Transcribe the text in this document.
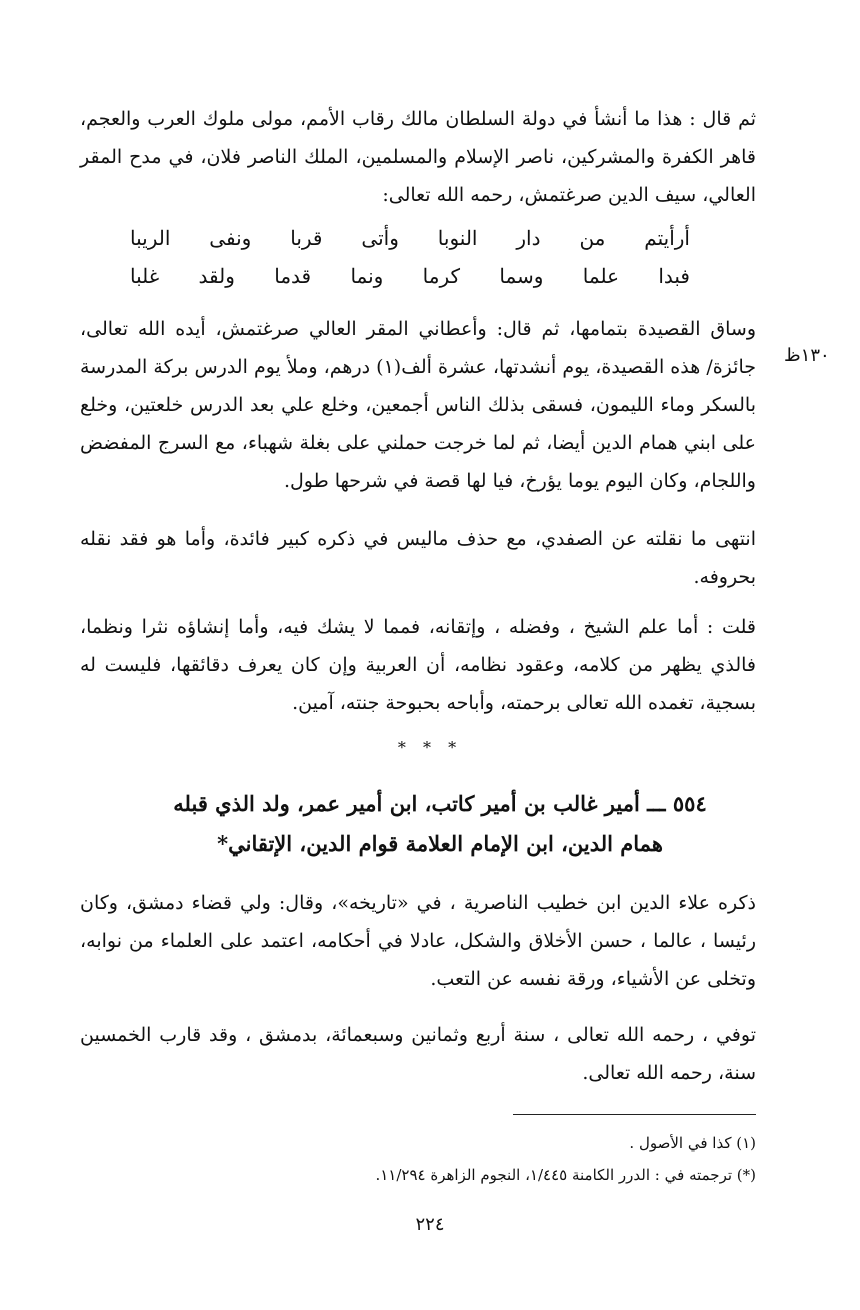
ثم قال : هذا ما أنشأ في دولة السلطان مالك رقاب الأمم، مولى ملوك العرب والعجم، قاهر الكفرة والمشركين، ناصر الإسلام والمسلمين، الملك الناصر فلان، في مدح المقر العالي، سيف الدين صرغتمش، رحمه الله تعالى:
أرأيتم من دار النوبا وأتى قربا ونفى الريبا
فبدا علما وسما كرما ونما قدما ولقد غلبا
وساق القصيدة بتمامها، ثم قال: وأعطاني المقر العالي صرغتمش، أيده الله تعالى، جائزة/ هذه القصيدة، يوم أنشدتها، عشرة ألف(١) درهم، وملأ يوم الدرس بركة المدرسة بالسكر وماء الليمون، فسقى بذلك الناس أجمعين، وخلع علي بعد الدرس خلعتين، وخلع على ابني همام الدين أيضا، ثم لما خرجت حملني على بغلة شهباء، مع السرج المفضض واللجام، وكان اليوم يوما يؤرخ، فيا لها قصة في شرحها طول.
١٣٠ظ
انتهى ما نقلته عن الصفدي، مع حذف ماليس في ذكره كبير فائدة، وأما هو فقد نقله بحروفه.
قلت : أما علم الشيخ ، وفضله ، وإتقانه، فمما لا يشك فيه، وأما إنشاؤه نثرا ونظما، فالذي يظهر من كلامه، وعقود نظامه، أن العربية وإن كان يعرف دقائقها، فليست له بسجية، تغمده الله تعالى برحمته، وأباحه بحبوحة جنته، آمين.
* * *
٥٥٤ ـــ أمير غالب بن أمير كاتب، ابن أمير عمر، ولد الذي قبله
همام الدين، ابن الإمام العلامة قوام الدين، الإتقاني*
ذكره علاء الدين ابن خطيب الناصرية ، في «تاريخه»، وقال: ولي قضاء دمشق، وكان رئيسا ، عالما ، حسن الأخلاق والشكل، عادلا في أحكامه، اعتمد على العلماء من نوابه، وتخلى عن الأشياء، ورقة نفسه عن التعب.
توفي ، رحمه الله تعالى ، سنة أربع وثمانين وسبعمائة، بدمشق ، وقد قارب الخمسين سنة، رحمه الله تعالى.
(١) كذا في الأصول .
(*) ترجمته في : الدرر الكامنة ١/٤٤٥، النجوم الزاهرة ١١/٢٩٤.
٢٢٤
